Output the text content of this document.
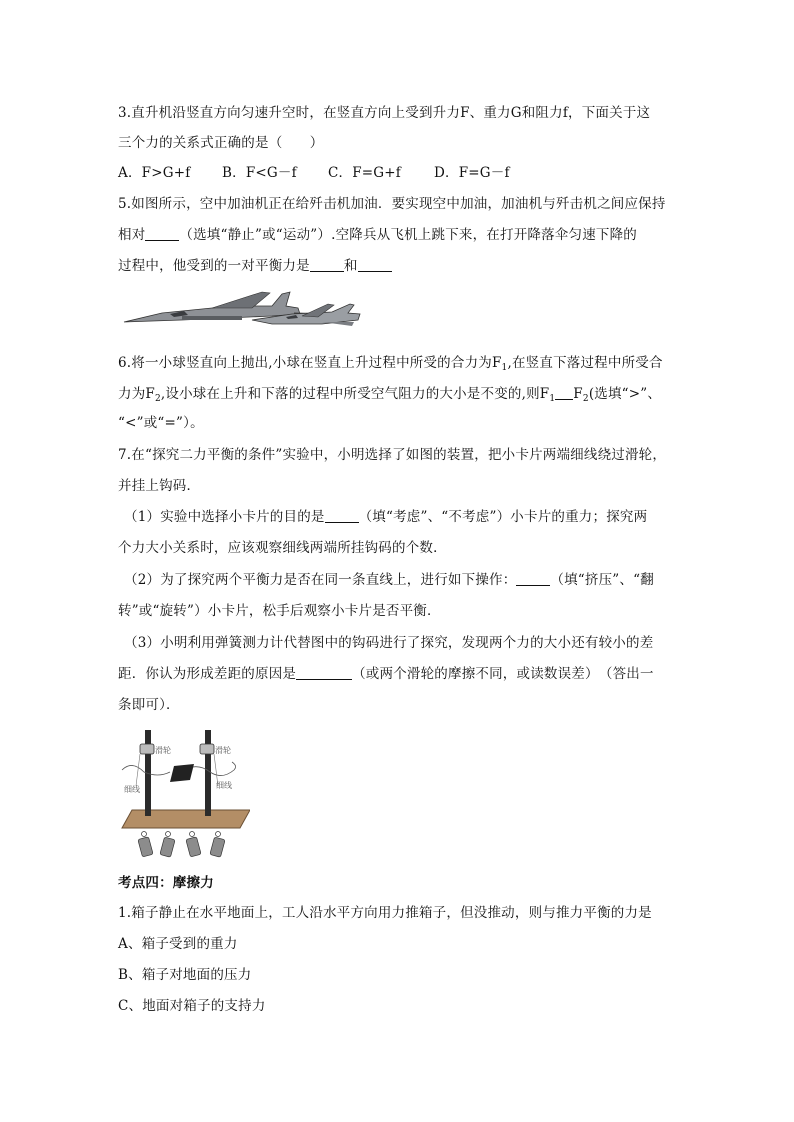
3.直升机沿竖直方向匀速升空时，在竖直方向上受到升力F、重力G和阻力f，下面关于这
三个力的关系式正确的是（　　）
A．F>G+f B．F<G－f C．F=G+f D．F=G－f
5.如图所示，空中加油机正在给歼击机加油．要实现空中加油，加油机与歼击机之间应保持
相对	（选填“静止”或“运动”）.空降兵从飞机上跳下来，在打开降落伞匀速下降的
过程中，他受到的一对平衡力是	和
6.将一小球竖直向上抛出,小球在竖直上升过程中所受的合力为$F_1$,在竖直下落过程中所受合
力为$F_2$,设小球在上升和下落的过程中所受空气阻力的大小是不变的,则$F_1$ $F_2$(选填“>”、
“<”或“=”）。
7.在“探究二力平衡的条件”实验中，小明选择了如图的装置，把小卡片两端细线绕过滑轮，
并挂上钩码．
（1）实验中选择小卡片的目的是	（填“考虑”、“不考虑”）小卡片的重力；探究两
个力大小关系时，应该观察细线两端所挂钩码的个数．
（2）为了探究两个平衡力是否在同一条直线上，进行如下操作：	（填“挤压”、“翻
转”或“旋转”）小卡片，松手后观察小卡片是否平衡．
（3）小明利用弹簧测力计代替图中的钩码进行了探究，发现两个力的大小还有较小的差
距．你认为形成差距的原因是	（或两个滑轮的摩擦不同，或读数误差）　（答出一
条即可）．
滑轮	滑轮
细线	细线
考点四：摩擦力
1.箱子静止在水平地面上，工人沿水平方向用力推箱子，但没推动，则与推力平衡的力是
A、箱子受到的重力
B、箱子对地面的压力
C、地面对箱子的支持力
